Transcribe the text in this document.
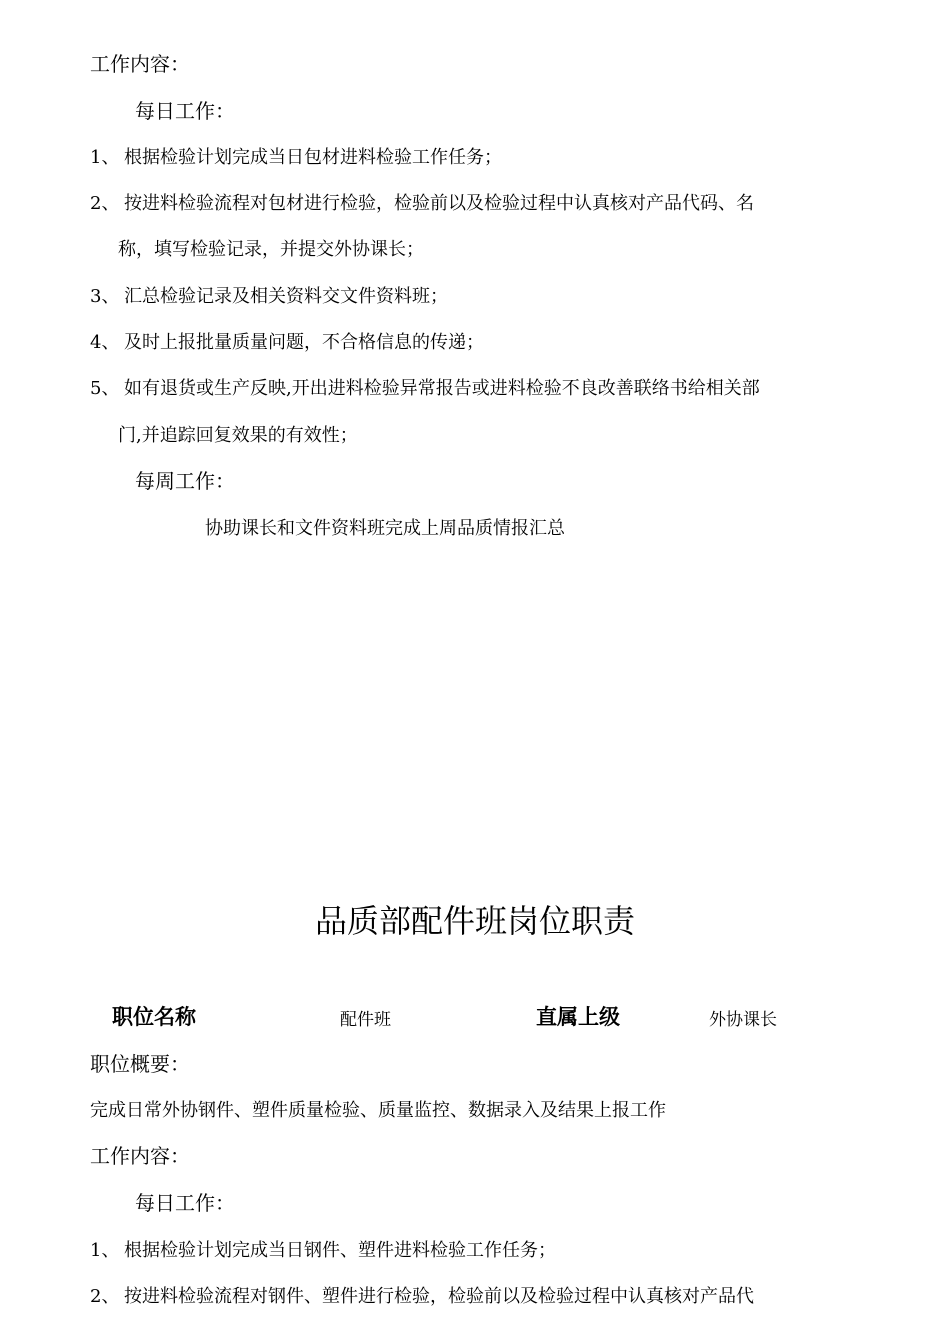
工作内容：
每日工作：
1、 根据检验计划完成当日包材进料检验工作任务；
2、 按进料检验流程对包材进行检验，检验前以及检验过程中认真核对产品代码、名
称，填写检验记录，并提交外协课长；
3、 汇总检验记录及相关资料交文件资料班；
4、 及时上报批量质量问题，不合格信息的传递；
5、 如有退货或生产反映,开出进料检验异常报告或进料检验不良改善联络书给相关部
门,并追踪回复效果的有效性；
每周工作：
协助课长和文件资料班完成上周品质情报汇总
品质部配件班岗位职责
职位名称	配件班	直属上级	外协课长
职位概要：
完成日常外协钢件、塑件质量检验、质量监控、数据录入及结果上报工作
工作内容：
每日工作：
1、 根据检验计划完成当日钢件、塑件进料检验工作任务；
2、 按进料检验流程对钢件、塑件进行检验，检验前以及检验过程中认真核对产品代
